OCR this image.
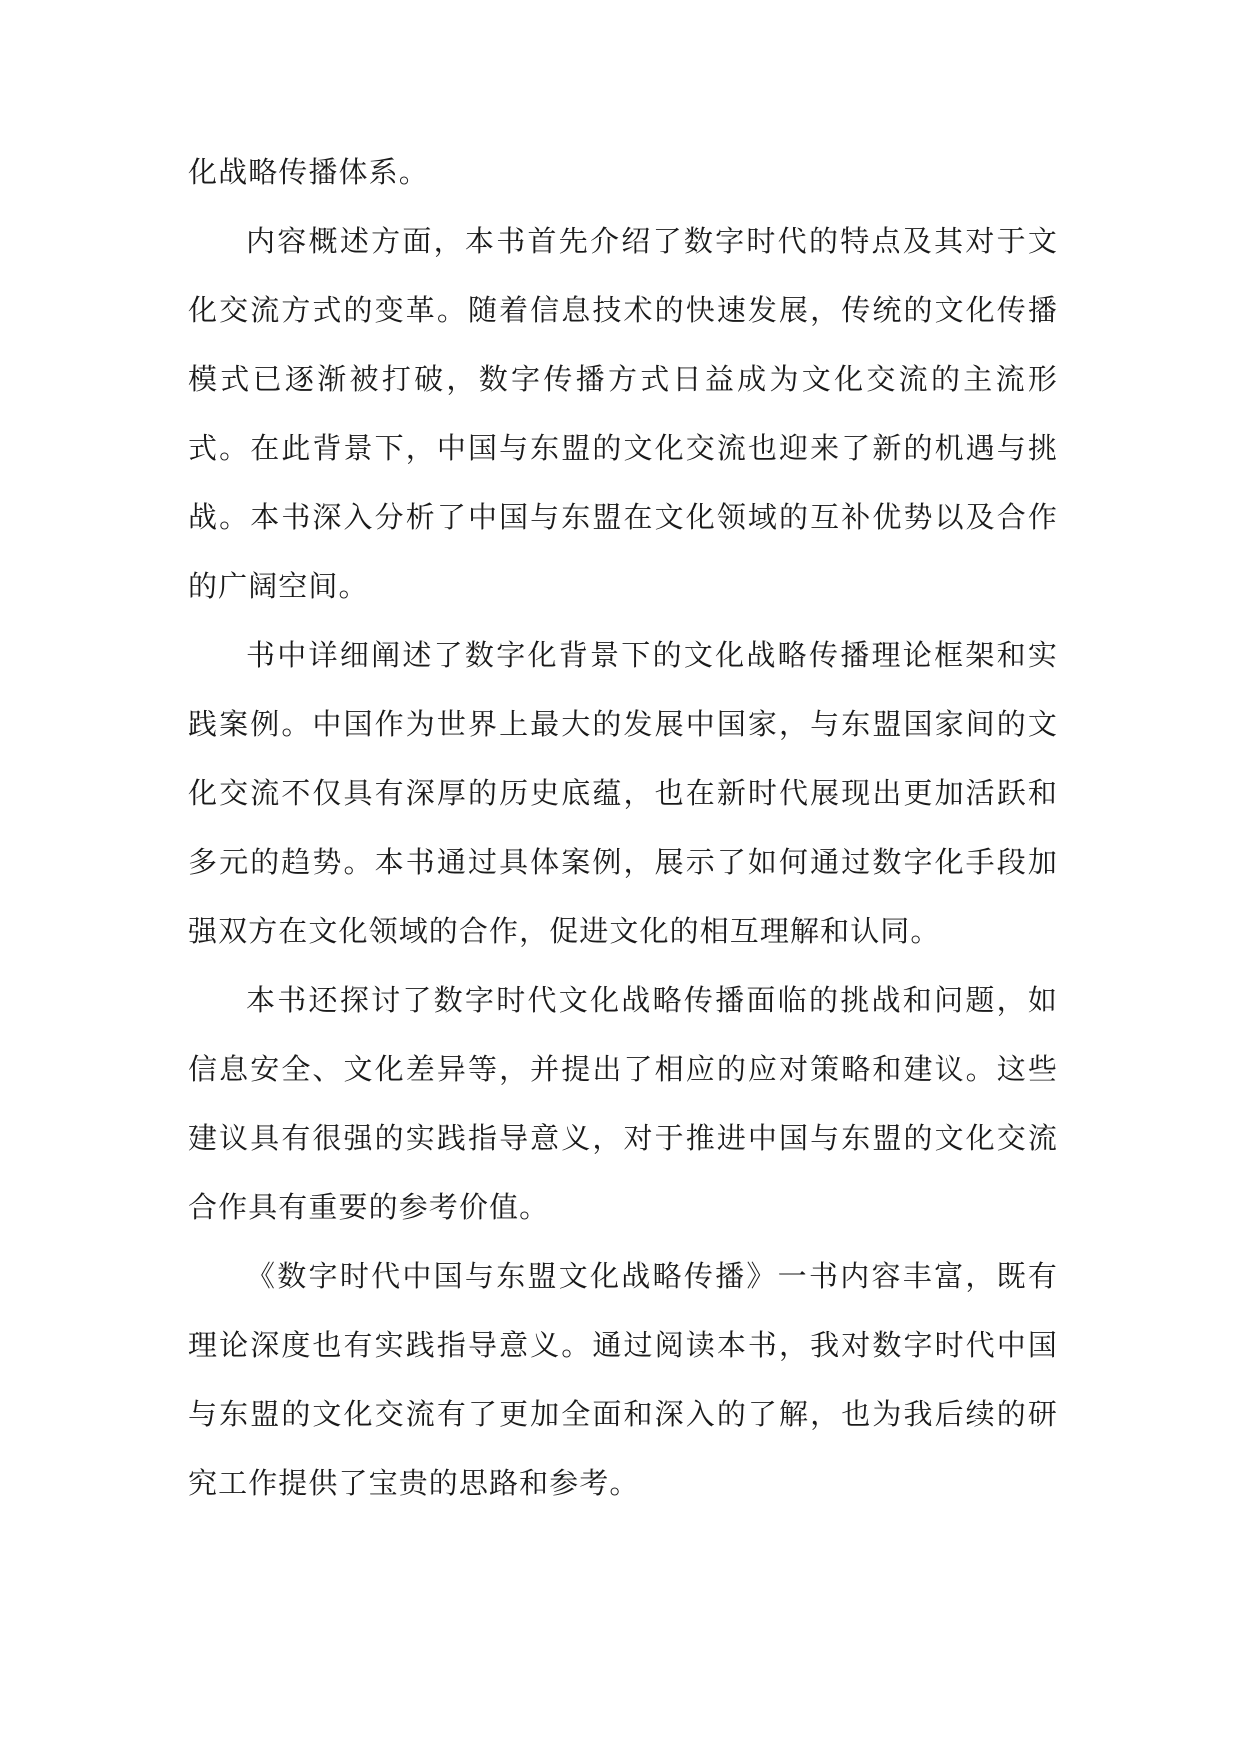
化战略传播体系。

内容概述方面，本书首先介绍了数字时代的特点及其对于文化交流方式的变革。随着信息技术的快速发展，传统的文化传播模式已逐渐被打破，数字传播方式日益成为文化交流的主流形式。在此背景下，中国与东盟的文化交流也迎来了新的机遇与挑战。本书深入分析了中国与东盟在文化领域的互补优势以及合作的广阔空间。

书中详细阐述了数字化背景下的文化战略传播理论框架和实践案例。中国作为世界上最大的发展中国家，与东盟国家间的文化交流不仅具有深厚的历史底蕴，也在新时代展现出更加活跃和多元的趋势。本书通过具体案例，展示了如何通过数字化手段加强双方在文化领域的合作，促进文化的相互理解和认同。

本书还探讨了数字时代文化战略传播面临的挑战和问题，如信息安全、文化差异等，并提出了相应的应对策略和建议。这些建议具有很强的实践指导意义，对于推进中国与东盟的文化交流合作具有重要的参考价值。

《数字时代中国与东盟文化战略传播》一书内容丰富，既有理论深度也有实践指导意义。通过阅读本书，我对数字时代中国与东盟的文化交流有了更加全面和深入的了解，也为我后续的研究工作提供了宝贵的思路和参考。
